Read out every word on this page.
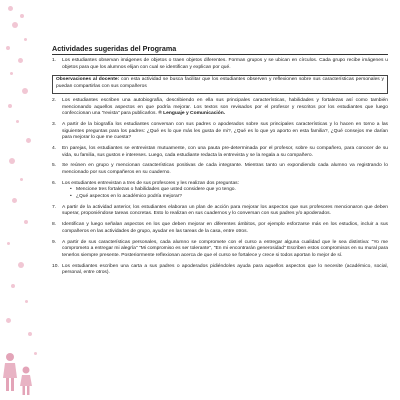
Actividades sugeridas del Programa
1. Los estudiantes observan imágenes de objetos o traen objetos diferentes. Forman grupos y se ubican en círculos. Cada grupo recibe imágenes u objetos para que los alumnos elijan con cual se identifican y explican por qué.
Observaciones al docente: con esta actividad se busca facilitar que los estudiantes observen y reflexionen sobre sus características personales y puedan compartirlas con sus compañeros
2. Los estudiantes escriben una autobiografía, describiendo en ella sus principales características, habilidades y fortalezas así como también mencionando aquellos aspectos en que podría mejorar. Los textos son revisados por el profesor y rescritos por los estudiantes que luego confeccionan una "revista" para publicarlos. ® Lenguaje y Comunicación.
3. A partir de la biografía los estudiantes conversan con sus padres o apoderados sobre sus principales características y lo hacen en torno a las siguientes preguntas para los padres: ¿Qué es lo que más les gusta de mi?, ¿Qué es lo que yo aporto en esta familia?, ¿Qué consejos me darían para mejorar lo que me cuesta?
4. En parejas, los estudiantes se entrevistan mutuamente, con una pauta pre-determinada por el profesor, sobre su compañero, para conocer de su vida, su familia, sus gustos e intereses. Luego, cada estudiante redacta la entrevista y se la regala a su compañero.
5. Se reúnen en grupo y mencionan características positivas de cada integrante. Mientras tanto un expondiendo cada alumno va registrando lo mencionado por sus compañeros en su cuaderno.
6. Los estudiantes entrevistan a tres de sus profesores y les realizan dos preguntas:
• Mencione tres fortalezas o habilidades que usted considere que yo tengo.
• ¿Qué aspectos en lo académico podría mejorar?
7. A partir de la actividad anterior, los estudiantes elaboran un plan de acción para mejorar los aspectos que sus profesores mencionaron que deben superar, proponiéndose tareas concretas. Esto lo realizan en sus cuadernos y lo conversan con sus padres y/o apoderados.
8. Identifican y luego señalan aspectos en los que deben mejorar en diferentes ámbitos, por ejemplo esforzarse más en los estudios, incluir a sus compañeros en las actividades de grupo, ayudar en las tareas de la casa, entre otros.
9. A partir de sus características personales, cada alumno se compromete con el curso a entregar alguna cualidad que le sea distintiva: "Yo me comprometo a entregar mi alegría" "Mi compromiso es ser tolerante", "En mi encontrarán generosidad" Escriben estos compromisos en su mural para tenerlos siempre presente. Posteriormente reflexionan acerca de que el curso se fortalece y crece si todos aportan lo mejor de sí.
10. Los estudiantes escriben una carta a sus padres o apoderados pidiéndoles ayuda para aquellos aspectos que lo necesite (académico, social, personal, entre otros).
